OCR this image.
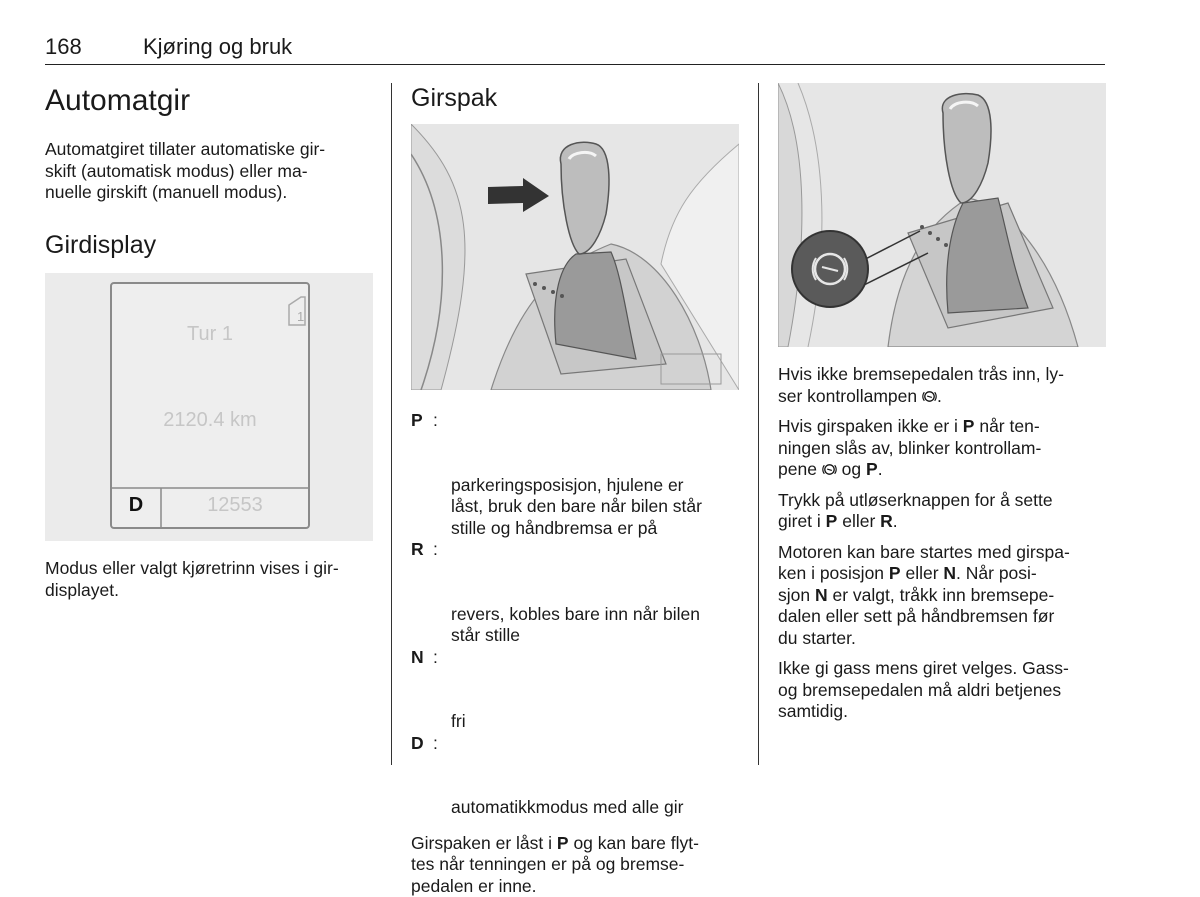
168	Kjøring og bruk
Automatgir

Automatgiret tillater automatiske gir-
skift (automatisk modus) eller ma-
nuelle girskift (manuell modus).

Girdisplay
1
Tur 1
2120.4 km
D	12553

Modus eller valgt kjøretrinn vises i gir-
displayet.

Girspak

P :

parkeringsposisjon, hjulene er
låst, bruk den bare når bilen står
stille og håndbremsa er på

R :

revers, kobles bare inn når bilen
står stille

N :

fri

D :

automatikkmodus med alle gir

Girspaken er låst i P og kan bare flyt-
tes når tenningen er på og bremse-
pedalen er inne.

Hvis ikke bremsepedalen trås inn, ly-
ser kontrollampen .

Hvis girspaken ikke er i P når ten-
ningen slås av, blinker kontrollam-
pene  og P.

Trykk på utløserknappen for å sette
giret i P eller R.

Motoren kan bare startes med girspa-
ken i posisjon P eller N. Når posi-
sjon N er valgt, tråkk inn bremsepe-
dalen eller sett på håndbremsen før
du starter.

Ikke gi gass mens giret velges. Gass-
og bremsepedalen må aldri betjenes
samtidig.
